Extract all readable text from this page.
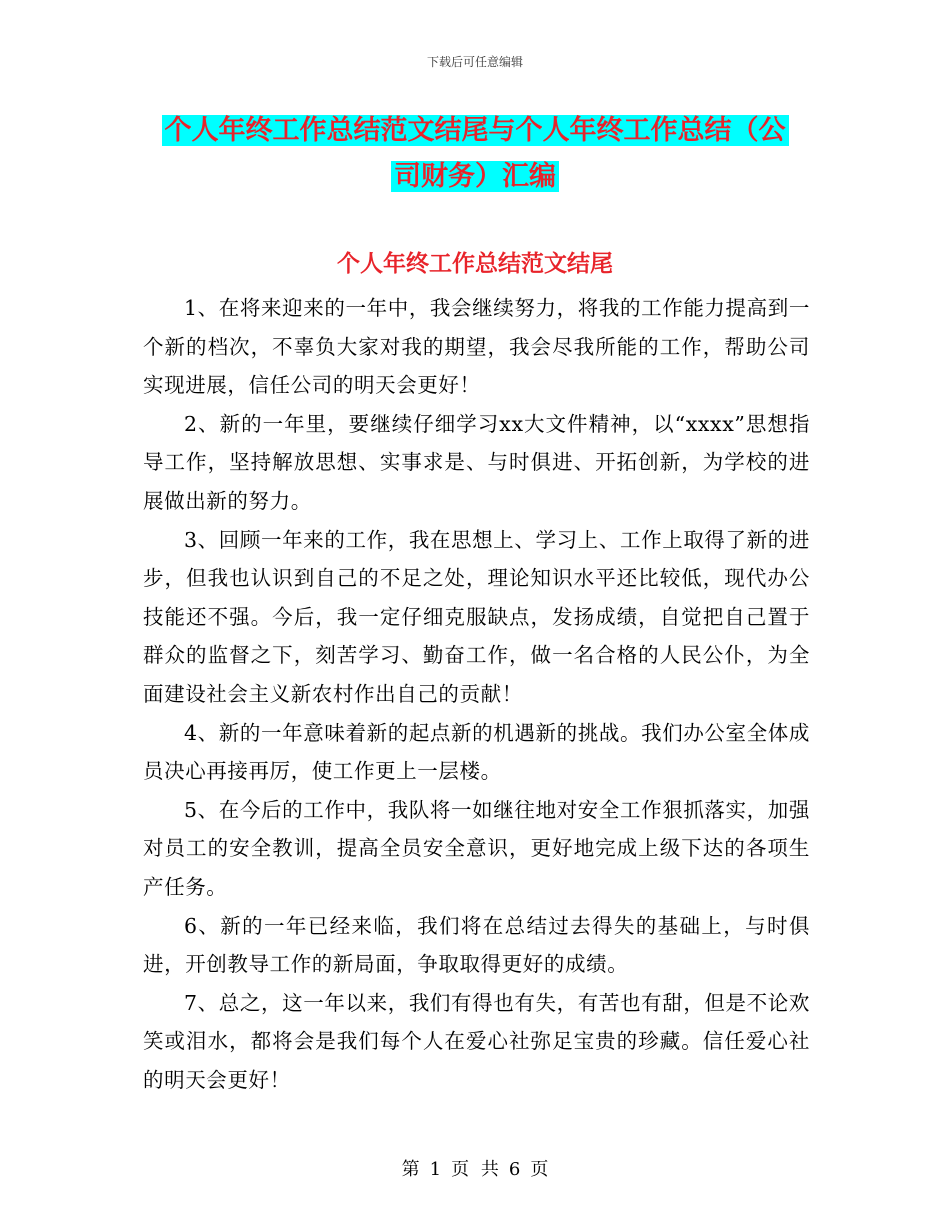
下载后可任意编辑
个人年终工作总结范文结尾与个人年终工作总结（公
司财务）汇编
个人年终工作总结范文结尾

1、在将来迎来的一年中，我会继续努力，将我的工作能力提高到一个新的档次，不辜负大家对我的期望，我会尽我所能的工作，帮助公司实现进展，信任公司的明天会更好！

2、新的一年里，要继续仔细学习xx大文件精神，以“xxxx”思想指导工作，坚持解放思想、实事求是、与时俱进、开拓创新，为学校的进展做出新的努力。

3、回顾一年来的工作，我在思想上、学习上、工作上取得了新的进步，但我也认识到自己的不足之处，理论知识水平还比较低，现代办公技能还不强。今后，我一定仔细克服缺点，发扬成绩，自觉把自己置于群众的监督之下，刻苦学习、勤奋工作，做一名合格的人民公仆，为全面建设社会主义新农村作出自己的贡献！

4、新的一年意味着新的起点新的机遇新的挑战。我们办公室全体成员决心再接再厉，使工作更上一层楼。

5、在今后的工作中，我队将一如继往地对安全工作狠抓落实，加强对员工的安全教训，提高全员安全意识，更好地完成上级下达的各项生产任务。

6、新的一年已经来临，我们将在总结过去得失的基础上，与时俱进，开创教导工作的新局面，争取取得更好的成绩。

7、总之，这一年以来，我们有得也有失，有苦也有甜，但是不论欢笑或泪水，都将会是我们每个人在爱心社弥足宝贵的珍藏。信任爱心社的明天会更好！

第 1 页 共 6 页
